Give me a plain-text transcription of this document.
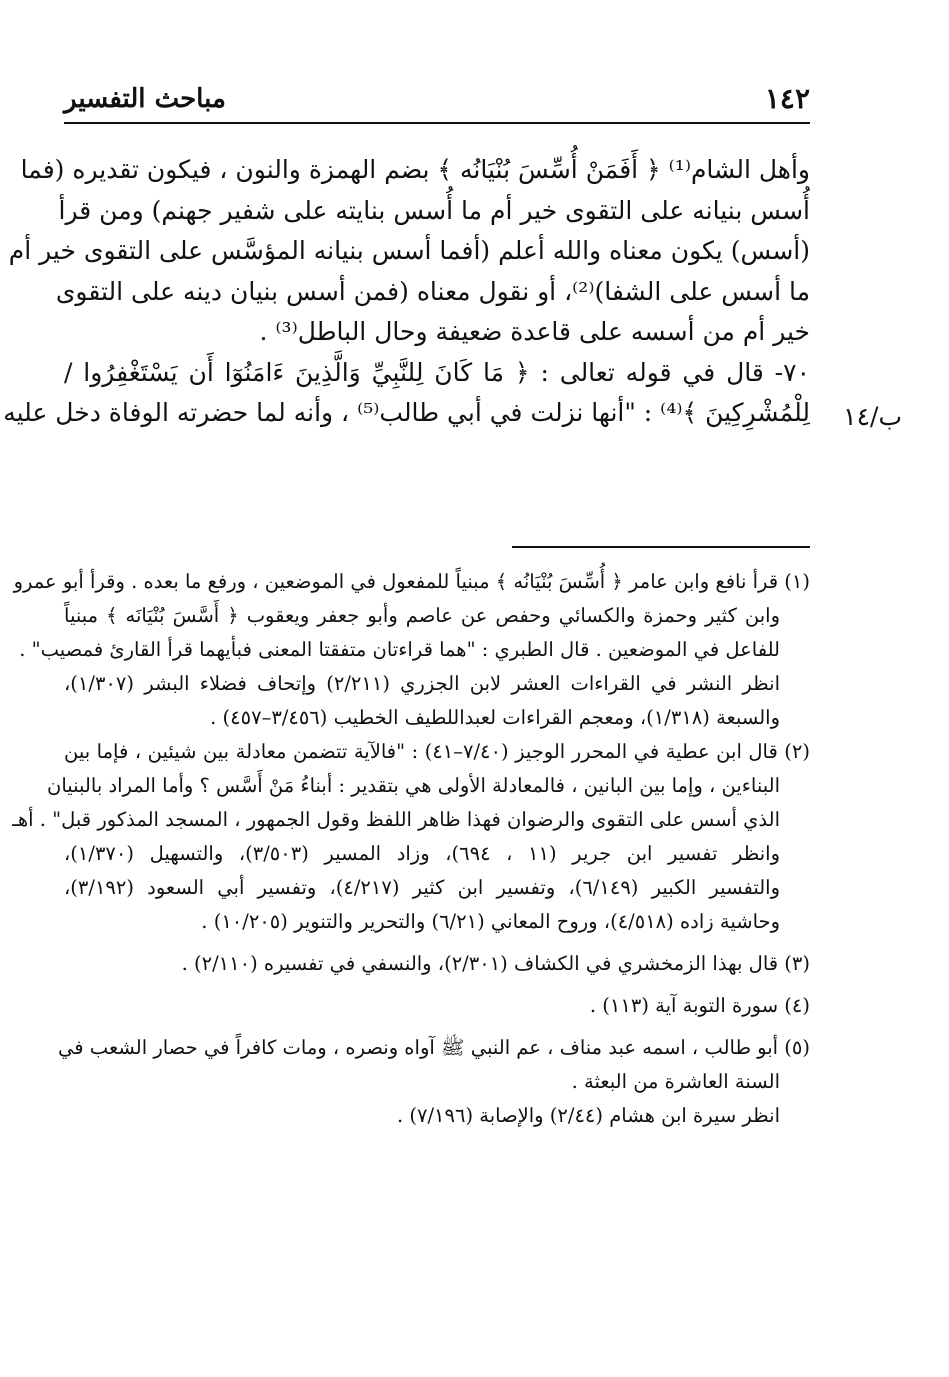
مباحث التفسير	١٤٢
ب/١٤
وأهل الشام⁽¹⁾ ﴿ أَفَمَنْ أُسِّسَ بُنْيَانُه ﴾ بضم الهمزة والنون ، فيكون تقديره (فما
أُسس بنيانه على التقوى خير أم ما أُسس بنايته على شفير جهنم) ومن قرأ
(أسس) يكون معناه والله أعلم (أفما أسس بنيانه المؤسَّس على التقوى خير أم
ما أسس على الشفا)⁽²⁾، أو نقول معناه (فمن أسس بنيان دينه على التقوى
خير أم من أسسه على قاعدة ضعيفة وحال الباطل⁽³⁾ .
٧٠- قال في قوله تعالى : ﴿ مَا كَانَ لِلنَّبِيِّ وَالَّذِينَ ءَامَنُوٓا أَن يَسْتَغْفِرُوا /
لِلْمُشْرِكِينَ ﴾⁽⁴⁾ : "أنها نزلت في أبي طالب⁽⁵⁾ ، وأنه لما حضرته الوفاة دخل عليه
(١) قرأ نافع وابن عامر ﴿ أُسِّسَ بُنْيَانُه ﴾ مبنياً للمفعول في الموضعين ، ورفع ما بعده . وقرأ أبو عمرو
وابن كثير وحمزة والكسائي وحفص عن عاصم وأبو جعفر ويعقوب ﴿ أَسَّسَ بُنْيَانَه ﴾ مبنياً
للفاعل في الموضعين . قال الطبري : "هما قراءتان متفقتا المعنى فبأيهما قرأ القارئ فمصيب" .
انظر النشر في القراءات العشر لابن الجزري (٢/٢١١) وإتحاف فضلاء البشر (١/٣٠٧)،
والسبعة (١/٣١٨)، ومعجم القراءات لعبداللطيف الخطيب (٣/٤٥٦–٤٥٧) .
(٢) قال ابن عطية في المحرر الوجيز (٧/٤٠–٤١) : "فالآية تتضمن معادلة بين شيئين ، فإما بين
البناءين ، وإما بين البانين ، فالمعادلة الأولى هي بتقدير : أبناءُ مَنْ أَسَّس ؟ وأما المراد بالبنيان
الذي أسس على التقوى والرضوان فهذا ظاهر اللفظ وقول الجمهور ، المسجد المذكور قبل" . أهـ
وانظر تفسير ابن جرير (١١ ، ٦٩٤)، وزاد المسير (٣/٥٠٣)، والتسهيل (١/٣٧٠)،
والتفسير الكبير (٦/١٤٩)، وتفسير ابن كثير (٤/٢١٧)، وتفسير أبي السعود (٣/١٩٢)،
وحاشية زاده (٤/٥١٨)، وروح المعاني (٦/٢١) والتحرير والتنوير (١٠/٢٠٥) .
(٣) قال بهذا الزمخشري في الكشاف (٢/٣٠١)، والنسفي في تفسيره (٢/١١٠) .
(٤) سورة التوبة آية (١١٣) .
(٥) أبو طالب ، اسمه عبد مناف ، عم النبي ﷺ آواه ونصره ، ومات كافراً في حصار الشعب في
السنة العاشرة من البعثة .
انظر سيرة ابن هشام (٢/٤٤) والإصابة (٧/١٩٦) .
